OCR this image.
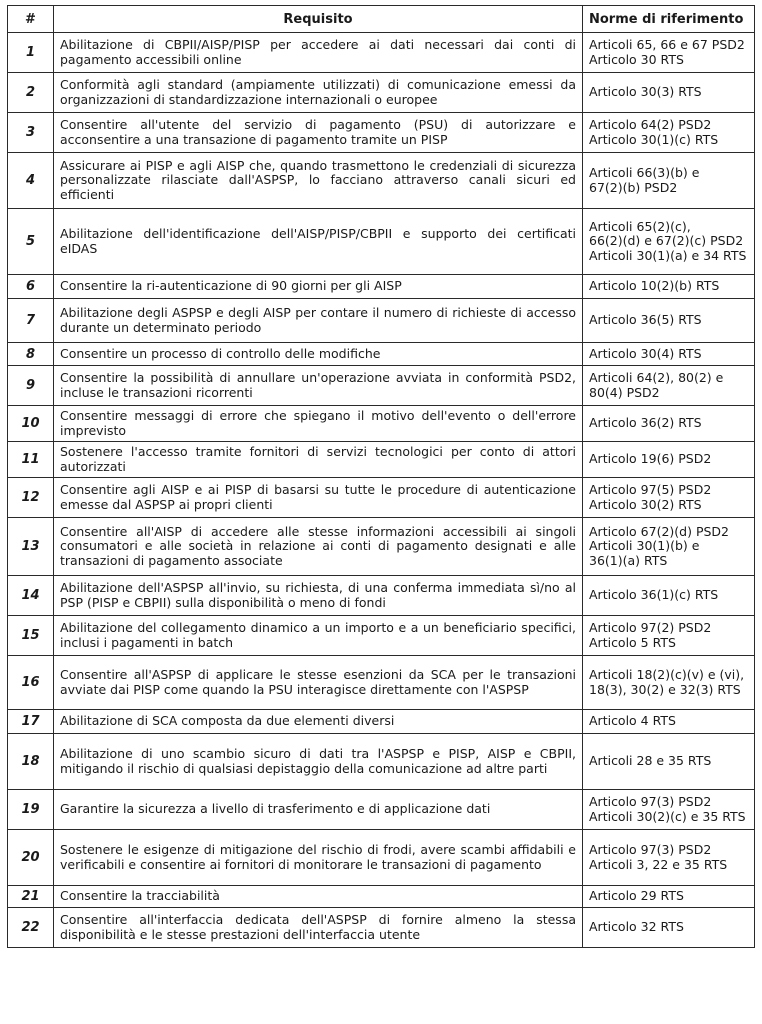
#	Requisito	Norme di riferimento
1	Abilitazione di CBPII/AISP/PISP per accedere ai dati necessari dai conti di pagamento accessibili online	Articoli 65, 66 e 67 PSD2
Articolo 30 RTS
2	Conformità agli standard (ampiamente utilizzati) di comunicazione emessi da organizzazioni di standardizzazione internazionali o europee	Articolo 30(3) RTS
3	Consentire all'utente del servizio di pagamento (PSU) di autorizzare e acconsentire a una transazione di pagamento tramite un PISP	Articolo 64(2) PSD2
Articolo 30(1)(c) RTS
4	Assicurare ai PISP e agli AISP che, quando trasmettono le credenziali di sicurezza personalizzate rilasciate dall'ASPSP, lo facciano attraverso canali sicuri ed efficienti	Articoli 66(3)(b) e
67(2)(b) PSD2
5	Abilitazione dell'identificazione dell'AISP/PISP/CBPII e supporto dei certificati eIDAS	Articoli 65(2)(c),
66(2)(d) e 67(2)(c) PSD2
Articoli 30(1)(a) e 34 RTS
6	Consentire la ri-autenticazione di 90 giorni per gli AISP	Articolo 10(2)(b) RTS
7	Abilitazione degli ASPSP e degli AISP per contare il numero di richieste di accesso durante un determinato periodo	Articolo 36(5) RTS
8	Consentire un processo di controllo delle modifiche	Articolo 30(4) RTS
9	Consentire la possibilità di annullare un'operazione avviata in conformità PSD2, incluse le transazioni ricorrenti	Articoli 64(2), 80(2) e
80(4) PSD2
10	Consentire messaggi di errore che spiegano il motivo dell'evento o dell'errore imprevisto	Articolo 36(2) RTS
11	Sostenere l'accesso tramite fornitori di servizi tecnologici per conto di attori autorizzati	Articolo 19(6) PSD2
12	Consentire agli AISP e ai PISP di basarsi su tutte le procedure di autenticazione emesse dal ASPSP ai propri clienti	Articolo 97(5) PSD2
Articolo 30(2) RTS
13	Consentire all'AISP di accedere alle stesse informazioni accessibili ai singoli consumatori e alle società in relazione ai conti di pagamento designati e alle transazioni di pagamento associate	Articolo 67(2)(d) PSD2
Articoli 30(1)(b) e
36(1)(a) RTS
14	Abilitazione dell'ASPSP all'invio, su richiesta, di una conferma immediata sì/no al PSP (PISP e CBPII) sulla disponibilità o meno di fondi	Articolo 36(1)(c) RTS
15	Abilitazione del collegamento dinamico a un importo e a un beneficiario specifici, inclusi i pagamenti in batch	Articolo 97(2) PSD2
Articolo 5 RTS
16	Consentire all'ASPSP di applicare le stesse esenzioni da SCA per le transazioni avviate dai PISP come quando la PSU interagisce direttamente con l'ASPSP	Articoli 18(2)(c)(v) e (vi),
18(3), 30(2) e 32(3) RTS
17	Abilitazione di SCA composta da due elementi diversi	Articolo 4 RTS
18	Abilitazione di uno scambio sicuro di dati tra l'ASPSP e PISP, AISP e CBPII, mitigando il rischio di qualsiasi depistaggio della comunicazione ad altre parti	Articoli 28 e 35 RTS
19	Garantire la sicurezza a livello di trasferimento e di applicazione dati	Articolo 97(3) PSD2
Articoli 30(2)(c) e 35 RTS
20	Sostenere le esigenze di mitigazione del rischio di frodi, avere scambi affidabili e verificabili e consentire ai fornitori di monitorare le transazioni di pagamento	Articolo 97(3) PSD2
Articoli 3, 22 e 35 RTS
21	Consentire la tracciabilità	Articolo 29 RTS
22	Consentire all'interfaccia dedicata dell'ASPSP di fornire almeno la stessa disponibilità e le stesse prestazioni dell'interfaccia utente	Articolo 32 RTS
